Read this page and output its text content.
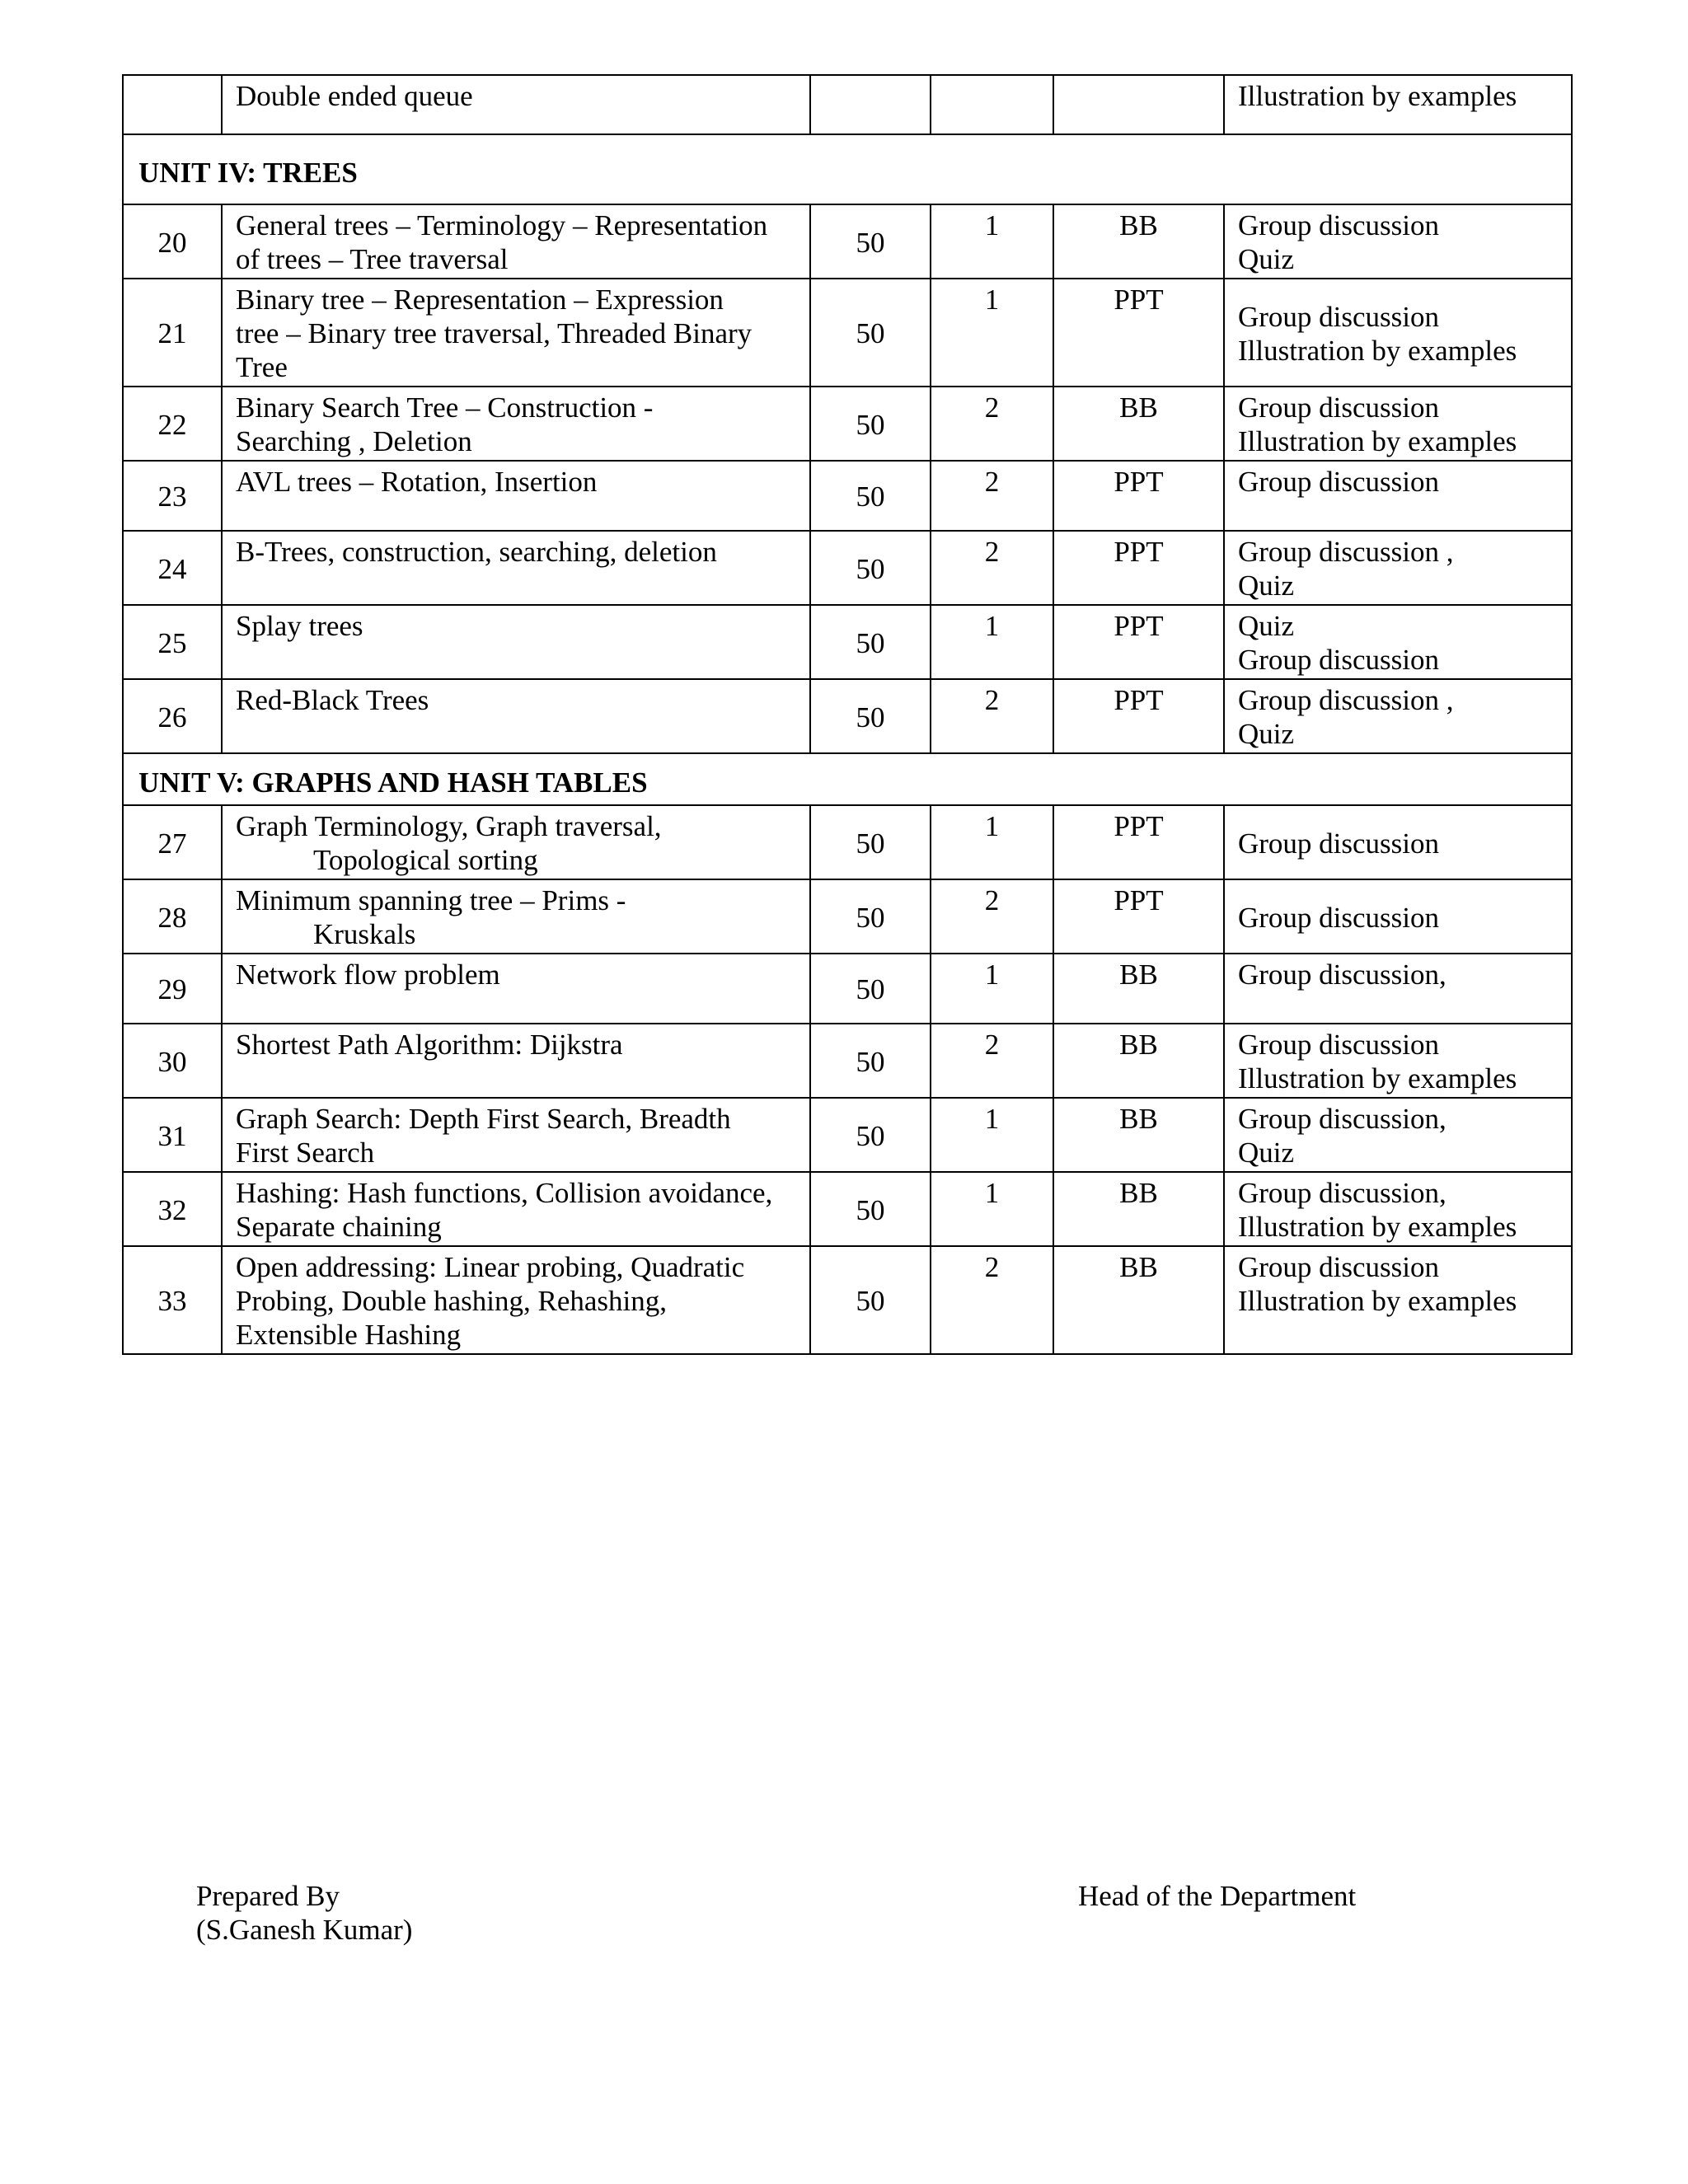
	Double ended queue				Illustration by examples

UNIT IV: TREES					
20	General trees – Terminology – Representation
of trees – Tree traversal	50	1	BB	Group discussion
Quiz

21	Binary tree – Representation – Expression
tree – Binary tree traversal, Threaded Binary
Tree	50	1	PPT	Group discussion
Illustration by examples

22	Binary Search Tree – Construction -
Searching , Deletion	50	2	BB	Group discussion
Illustration by examples

23	AVL trees – Rotation, Insertion	50	2	PPT	Group discussion

24	B-Trees, construction, searching, deletion	50	2	PPT	Group discussion ,
Quiz

25	Splay trees	50	1	PPT	Quiz
Group discussion

26	Red-Black Trees	50	2	PPT	Group discussion ,
Quiz

UNIT V: GRAPHS AND HASH TABLES					
27	Graph Terminology, Graph traversal,
Topological sorting	50	1	PPT	Group discussion

28	Minimum spanning tree – Prims -
Kruskals	50	2	PPT	Group discussion

29	Network flow problem	50	1	BB	Group discussion,

30	Shortest Path Algorithm: Dijkstra	50	2	BB	Group discussion
Illustration by examples

31	Graph Search: Depth First Search, Breadth
First Search	50	1	BB	Group discussion,
Quiz

32	Hashing: Hash functions, Collision avoidance,
Separate chaining	50	1	BB	Group discussion,
Illustration by examples

33	Open addressing: Linear probing, Quadratic
Probing, Double hashing, Rehashing,
Extensible Hashing	50	2	BB	Group discussion
Illustration by examples
Prepared By
(S.Ganesh Kumar)
Head of the Department
